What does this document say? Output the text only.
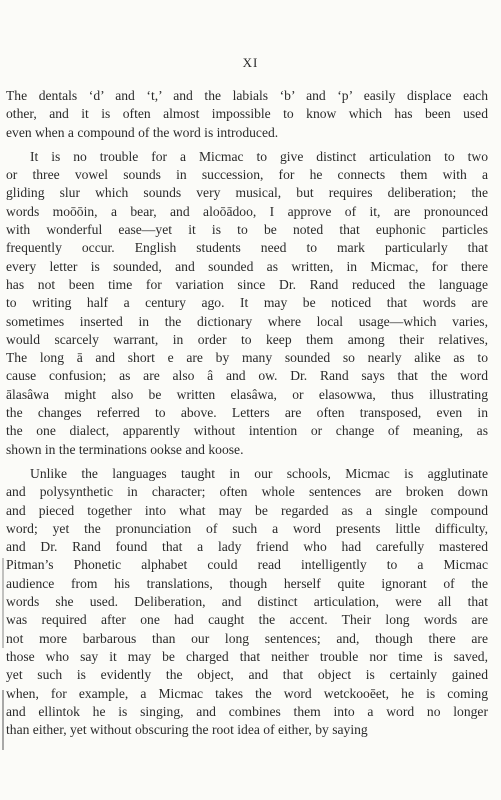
XI

The dentals ‘d’ and ‘t,’ and the labials ‘b’ and ‘p’ easily displace each
other, and it is often almost impossible to know which has been used
even when a compound of the word is introduced.

It is no trouble for a Micmac to give distinct articulation to two
or three vowel sounds in succession, for he connects them with a
gliding slur which sounds very musical, but requires deliberation; the
words moōōin, a bear, and aloōādoo, I approve of it, are pronounced
with wonderful ease—yet it is to be noted that euphonic particles
frequently occur. English students need to mark particularly that
every letter is sounded, and sounded as written, in Micmac, for there
has not been time for variation since Dr. Rand reduced the language
to writing half a century ago. It may be noticed that words are
sometimes inserted in the dictionary where local usage—which varies,
would scarcely warrant, in order to keep them among their relatives,
The long ā and short e are by many sounded so nearly alike as to
cause confusion; as are also â and ow. Dr. Rand says that the word
ālasâwa might also be written elasâwa, or elasowwa, thus illustrating
the changes referred to above. Letters are often transposed, even in
the one dialect, apparently without intention or change of meaning, as
shown in the terminations ookse and koose.

Unlike the languages taught in our schools, Micmac is agglutinate
and polysynthetic in character; often whole sentences are broken down
and pieced together into what may be regarded as a single compound
word; yet the pronunciation of such a word presents little difficulty,
and Dr. Rand found that a lady friend who had carefully mastered
Pitman’s Phonetic alphabet could read intelligently to a Micmac
audience from his translations, though herself quite ignorant of the
words she used. Deliberation, and distinct articulation, were all that
was required after one had caught the accent. Their long words are
not more barbarous than our long sentences; and, though there are
those who say it may be charged that neither trouble nor time is saved,
yet such is evidently the object, and that object is certainly gained
when, for example, a Micmac takes the word wetckooēet, he is coming
and ellintok he is singing, and combines them into a word no longer
than either, yet without obscuring the root idea of either, by saying
